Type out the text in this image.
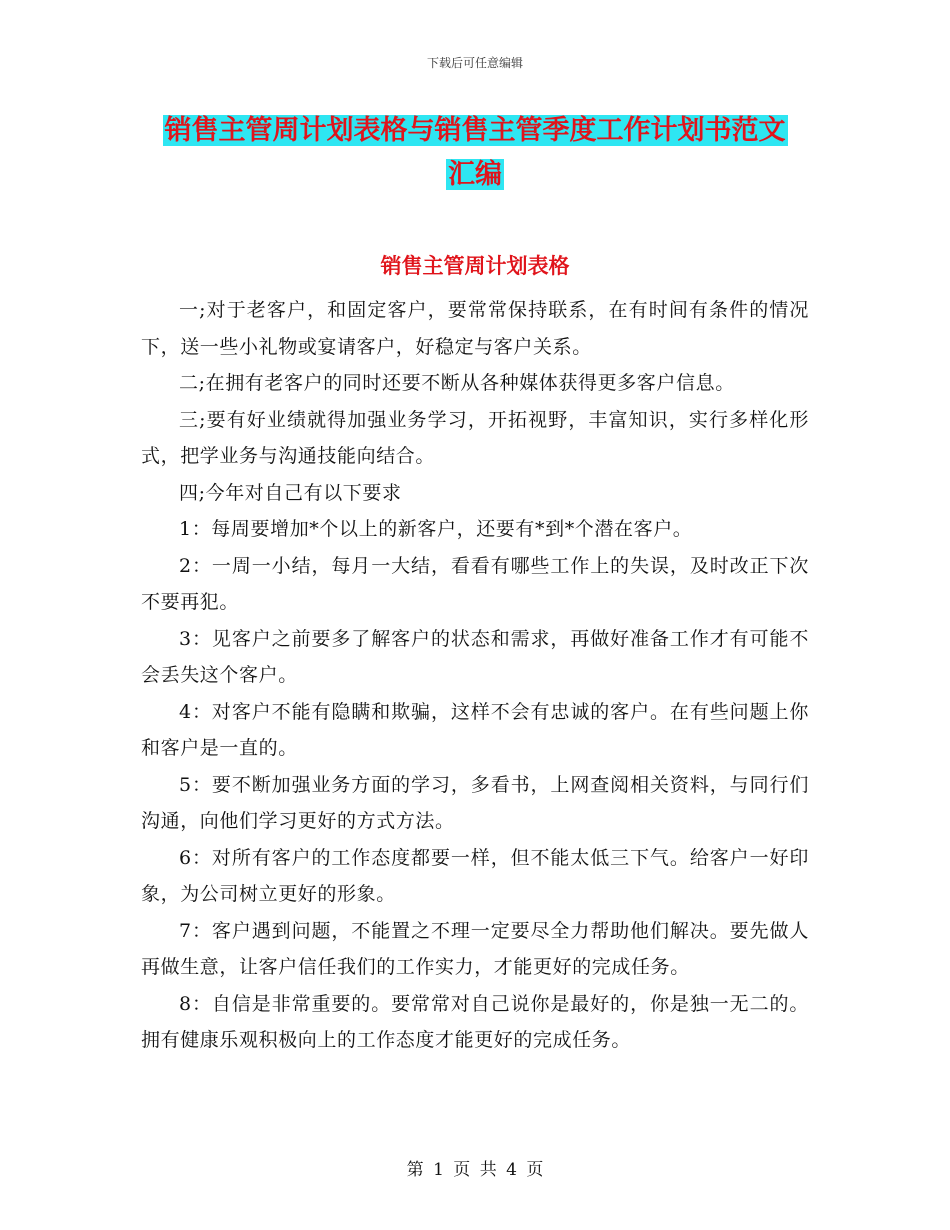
下载后可任意编辑
销售主管周计划表格与销售主管季度工作计划书范文
汇编
销售主管周计划表格

一;对于老客户，和固定客户，要常常保持联系，在有时间有条件的情况下，送一些小礼物或宴请客户，好稳定与客户关系。

二;在拥有老客户的同时还要不断从各种媒体获得更多客户信息。

三;要有好业绩就得加强业务学习，开拓视野，丰富知识，实行多样化形式，把学业务与沟通技能向结合。

四;今年对自己有以下要求

1：每周要增加*个以上的新客户，还要有*到*个潜在客户。

2：一周一小结，每月一大结，看看有哪些工作上的失误，及时改正下次不要再犯。

3：见客户之前要多了解客户的状态和需求，再做好准备工作才有可能不会丢失这个客户。

4：对客户不能有隐瞒和欺骗，这样不会有忠诚的客户。在有些问题上你和客户是一直的。

5：要不断加强业务方面的学习，多看书，上网查阅相关资料，与同行们沟通，向他们学习更好的方式方法。

6：对所有客户的工作态度都要一样，但不能太低三下气。给客户一好印象，为公司树立更好的形象。

7：客户遇到问题，不能置之不理一定要尽全力帮助他们解决。要先做人再做生意，让客户信任我们的工作实力，才能更好的完成任务。

8：自信是非常重要的。要常常对自己说你是最好的，你是独一无二的。拥有健康乐观积极向上的工作态度才能更好的完成任务。

第 1 页 共 4 页
